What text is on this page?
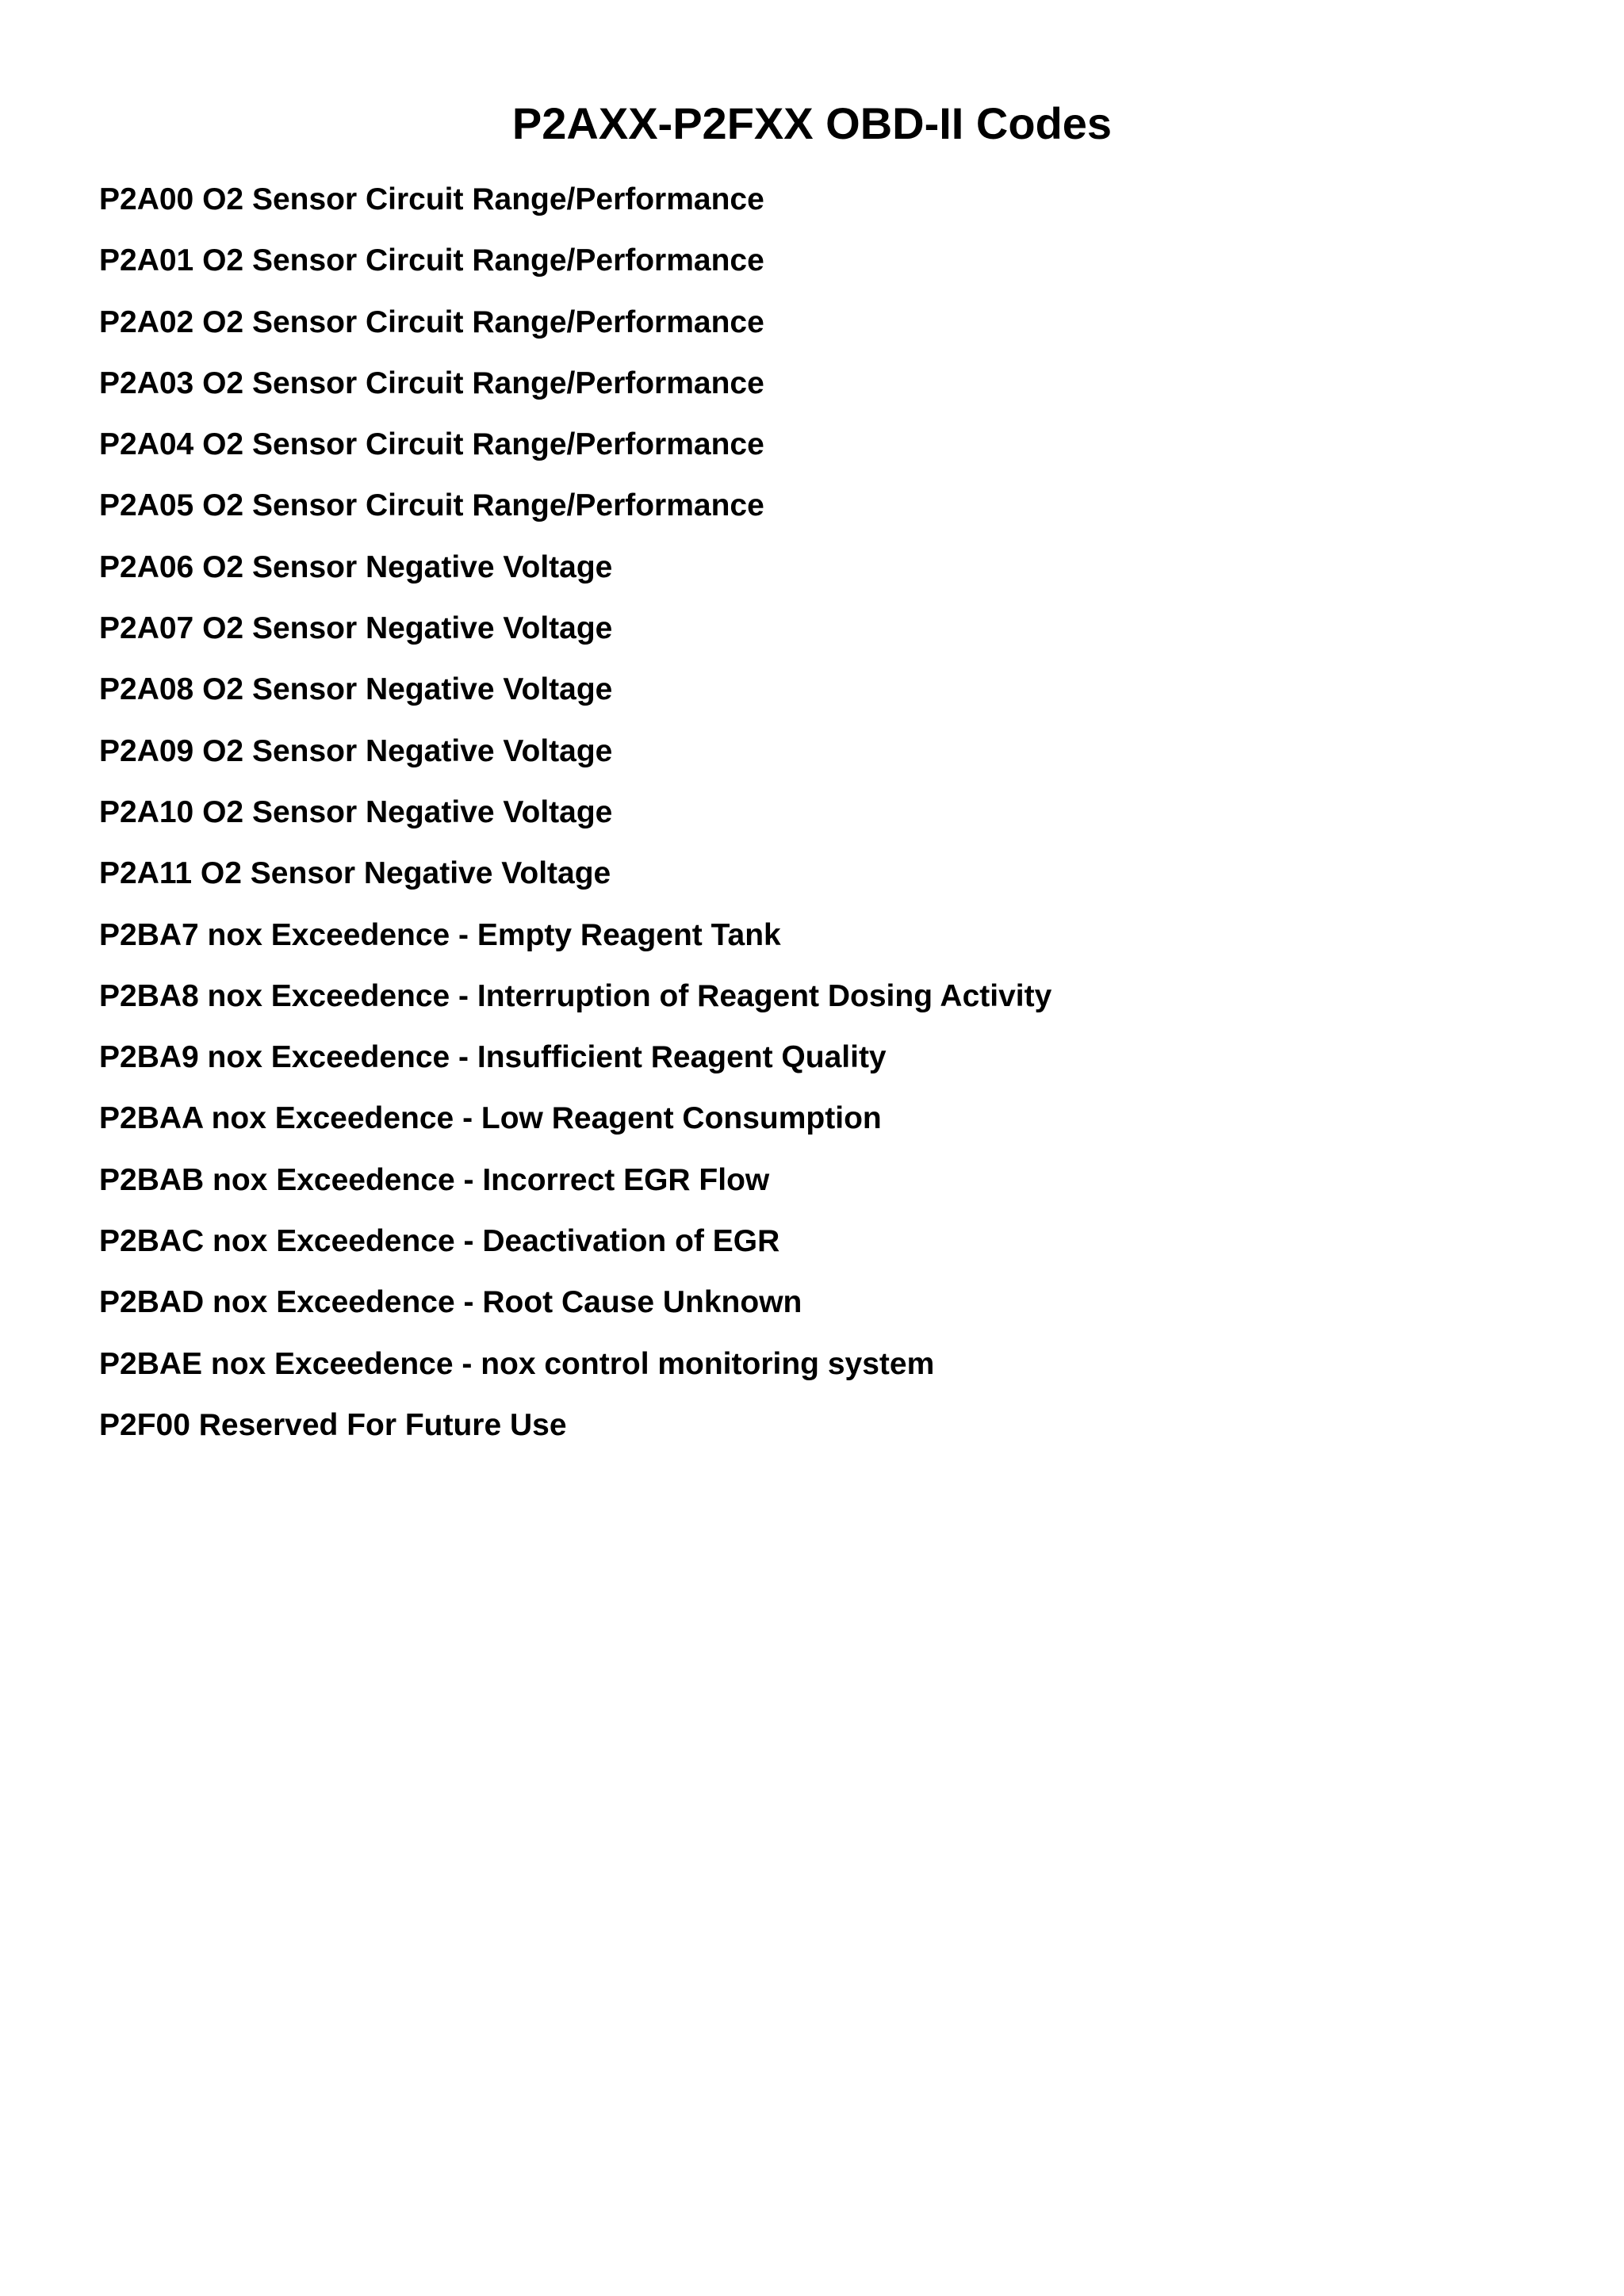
P2AXX-P2FXX OBD-II Codes
P2A00 O2 Sensor Circuit Range/Performance
P2A01 O2 Sensor Circuit Range/Performance
P2A02 O2 Sensor Circuit Range/Performance
P2A03 O2 Sensor Circuit Range/Performance
P2A04 O2 Sensor Circuit Range/Performance
P2A05 O2 Sensor Circuit Range/Performance
P2A06 O2 Sensor Negative Voltage
P2A07 O2 Sensor Negative Voltage
P2A08 O2 Sensor Negative Voltage
P2A09 O2 Sensor Negative Voltage
P2A10 O2 Sensor Negative Voltage
P2A11 O2 Sensor Negative Voltage
P2BA7 nox Exceedence - Empty Reagent Tank
P2BA8 nox Exceedence - Interruption of Reagent Dosing Activity
P2BA9 nox Exceedence - Insufficient Reagent Quality
P2BAA nox Exceedence - Low Reagent Consumption
P2BAB nox Exceedence - Incorrect EGR Flow
P2BAC nox Exceedence - Deactivation of EGR
P2BAD nox Exceedence - Root Cause Unknown
P2BAE nox Exceedence - nox control monitoring system
P2F00 Reserved For Future Use
